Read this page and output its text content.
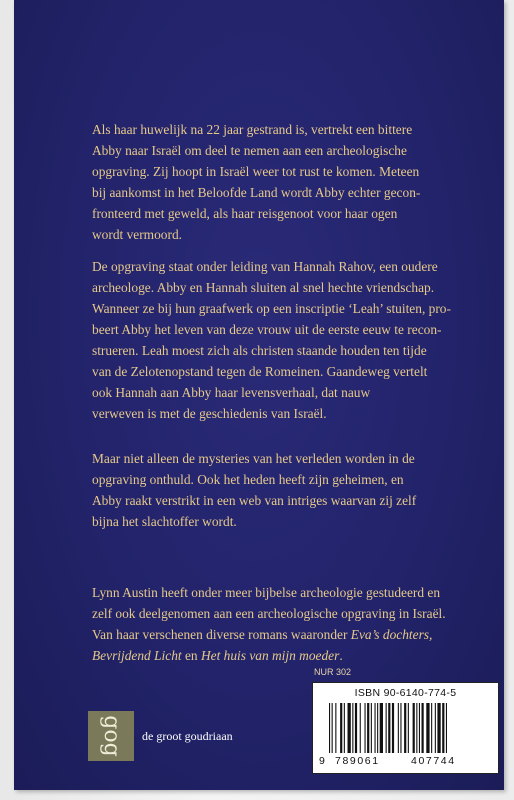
Als haar huwelijk na 22 jaar gestrand is, vertrekt een bittere
Abby naar Israël om deel te nemen aan een archeologische
opgraving. Zij hoopt in Israël weer tot rust te komen. Meteen
bij aankomst in het Beloofde Land wordt Abby echter gecon-
fronteerd met geweld, als haar reisgenoot voor haar ogen
wordt vermoord.

De opgraving staat onder leiding van Hannah Rahov, een oudere
archeologe. Abby en Hannah sluiten al snel hechte vriendschap.
Wanneer ze bij hun graafwerk op een inscriptie ‘Leah’ stuiten, pro-
beert Abby het leven van deze vrouw uit de eerste eeuw te recon-
strueren. Leah moest zich als christen staande houden ten tijde
van de Zelotenopstand tegen de Romeinen. Gaandeweg vertelt
ook Hannah aan Abby haar levensverhaal, dat nauw
verweven is met de geschiedenis van Israël.

Maar niet alleen de mysteries van het verleden worden in de
opgraving onthuld. Ook het heden heeft zijn geheimen, en
Abby raakt verstrikt in een web van intriges waarvan zij zelf
bijna het slachtoffer wordt.

Lynn Austin heeft onder meer bijbelse archeologie gestudeerd en
zelf ook deelgenomen aan een archeologische opgraving in Israël.
Van haar verschenen diverse romans waaronder Eva’s dochters,
Bevrijdend Licht en Het huis van mijn moeder.

NUR 302
ISBN 90-6140-774-5
9 789061	407744
gog de groot goudriaan
